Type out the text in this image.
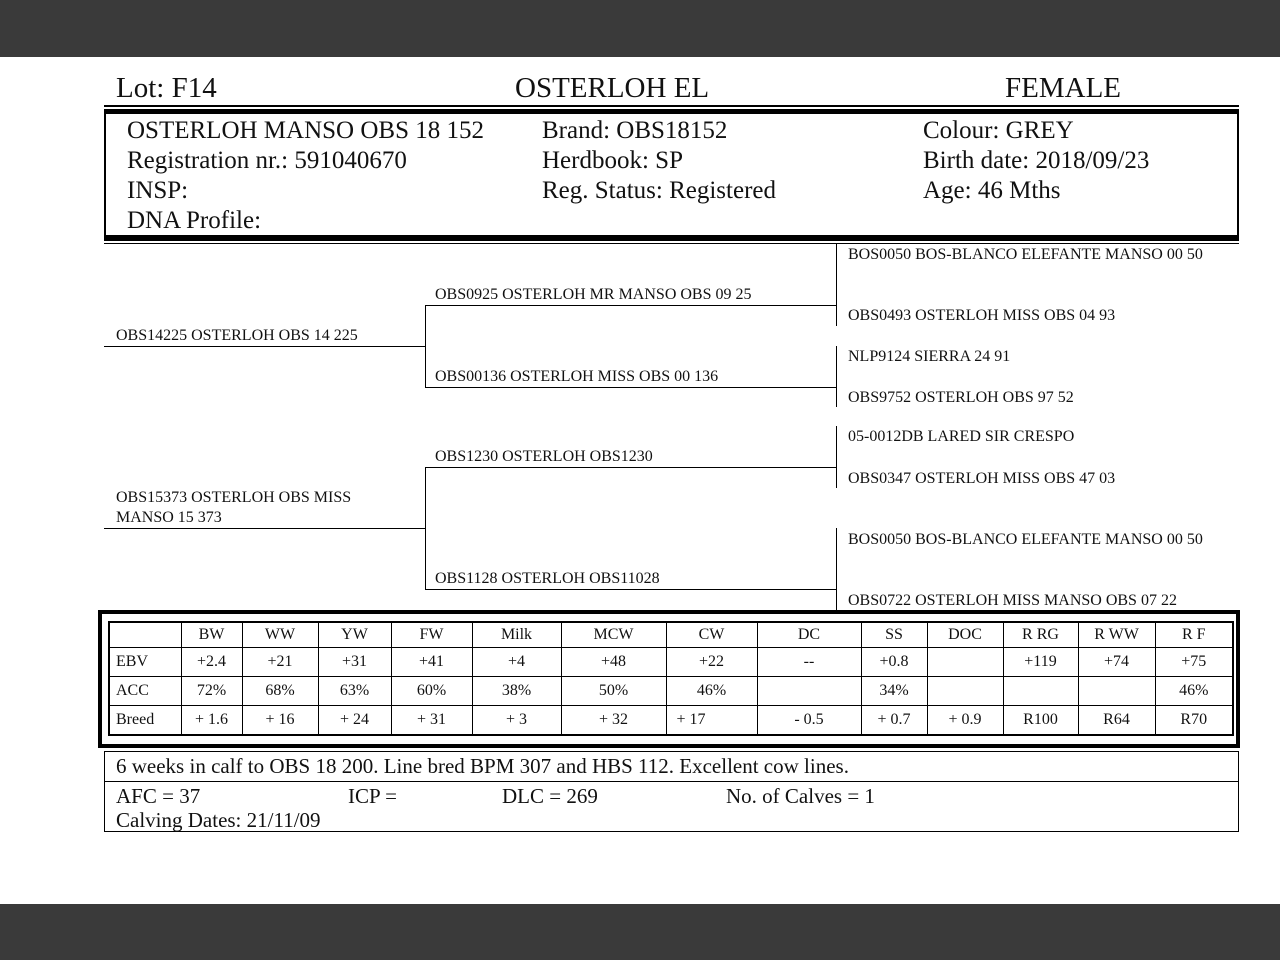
Lot: F14	OSTERLOH EL	FEMALE
OSTERLOH MANSO OBS 18 152
Registration nr.: 591040670
INSP:
DNA Profile:
Brand: OBS18152
Herdbook: SP
Reg. Status: Registered
Colour: GREY
Birth date: 2018/09/23
Age: 46 Mths
OBS14225 OSTERLOH OBS 14 225
OBS15373 OSTERLOH OBS MISS MANSO 15 373
OBS0925 OSTERLOH MR MANSO OBS 09 25
OBS00136 OSTERLOH MISS OBS 00 136
OBS1230 OSTERLOH OBS1230
OBS1128 OSTERLOH OBS11028
BOS0050 BOS-BLANCO ELEFANTE MANSO 00 50
OBS0493 OSTERLOH MISS OBS 04 93
NLP9124 SIERRA 24 91
OBS9752 OSTERLOH OBS 97 52
05-0012DB LARED SIR CRESPO
OBS0347 OSTERLOH MISS OBS 47 03
BOS0050 BOS-BLANCO ELEFANTE MANSO 00 50
OBS0722 OSTERLOH MISS MANSO OBS 07 22
	BW	WW	YW	FW	Milk	MCW	CW	DC	SS	DOC	R RG	R WW	R F
EBV	+2.4	+21	+31	+41	+4	+48	+22	--	+0.8		+119	+74	+75
ACC	72%	68%	63%	60%	38%	50%	46%		34%				46%
Breed	+ 1.6	+ 16	+ 24	+ 31	+ 3	+ 32	+ 17	- 0.5	+ 0.7	+ 0.9	R100	R64	R70
6 weeks in calf to OBS 18 200. Line bred BPM 307 and HBS 112. Excellent cow lines.
AFC = 37	ICP =	DLC = 269	No. of Calves = 1
Calving Dates: 21/11/09
